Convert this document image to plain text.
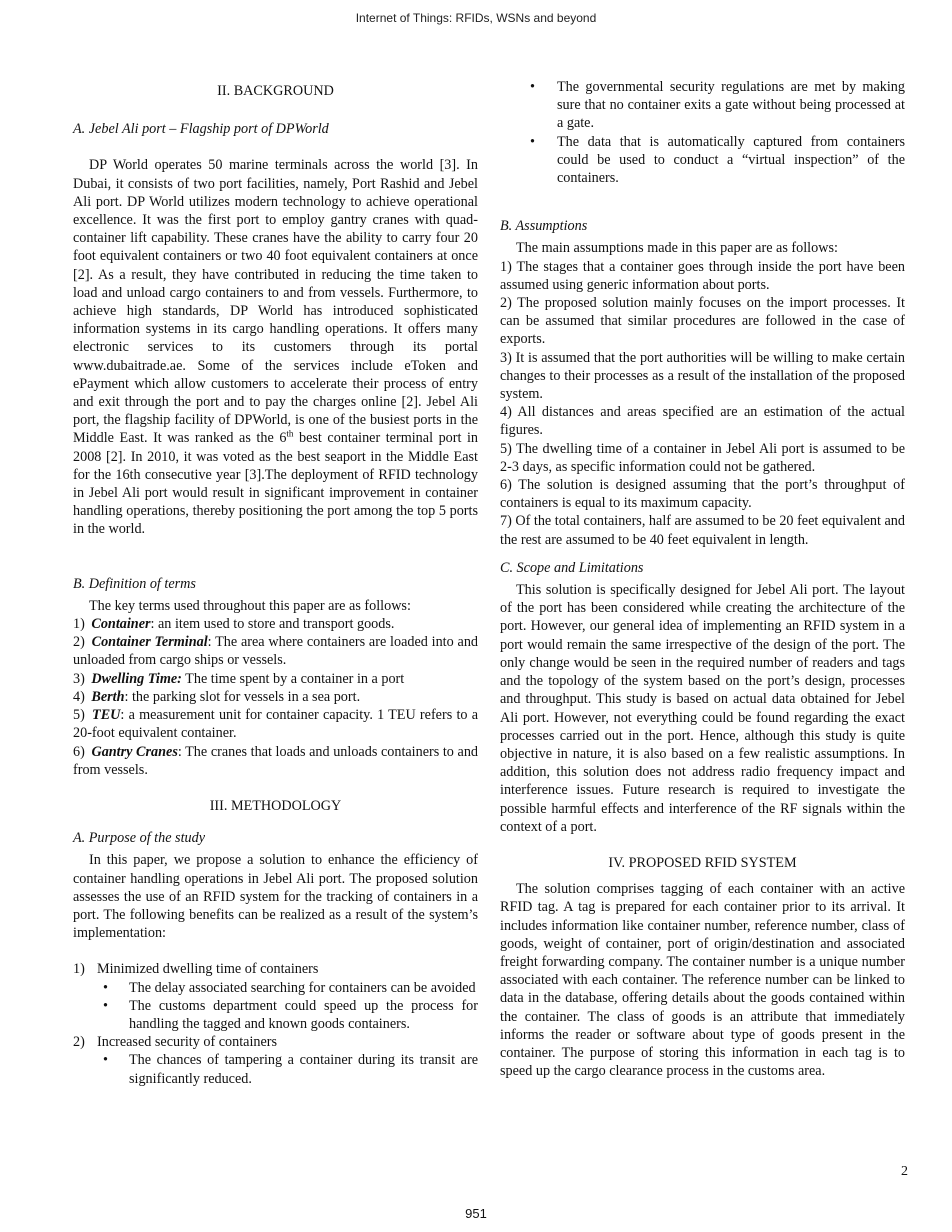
Internet of Things: RFIDs, WSNs and beyond

II. BACKGROUND

A. Jebel Ali port – Flagship port of DPWorld

DP World operates 50 marine terminals across the world [3]. In Dubai, it consists of two port facilities, namely, Port Rashid and Jebel Ali port. DP World utilizes modern technology to achieve operational excellence. It was the first port to employ gantry cranes with quad-container lift capability. These cranes have the ability to carry four 20 foot equivalent containers or two 40 foot equivalent containers at once [2]. As a result, they have contributed in reducing the time taken to load and unload cargo containers to and from vessels. Furthermore, to achieve high standards, DP World has introduced sophisticated information systems in its cargo handling operations. It offers many electronic services to its customers through its portal www.dubaitrade.ae. Some of the services include eToken and ePayment which allow customers to accelerate their process of entry and exit through the port and to pay the charges online [2]. Jebel Ali port, the flagship facility of DPWorld, is one of the busiest ports in the Middle East. It was ranked as the 6th best container terminal port in 2008 [2]. In 2010, it was voted as the best seaport in the Middle East for the 16th consecutive year [3].The deployment of RFID technology in Jebel Ali port would result in significant improvement in container handling operations, thereby positioning the port among the top 5 ports in the world.

B. Definition of terms

The key terms used throughout this paper are as follows:

1) Container: an item used to store and transport goods.

2) Container Terminal: The area where containers are loaded into and unloaded from cargo ships or vessels.

3) Dwelling Time: The time spent by a container in a port

4) Berth: the parking slot for vessels in a sea port.

5) TEU: a measurement unit for container capacity. 1 TEU refers to a 20-foot equivalent container.

6) Gantry Cranes: The cranes that loads and unloads containers to and from vessels.

III. METHODOLOGY

A. Purpose of the study

In this paper, we propose a solution to enhance the efficiency of container handling operations in Jebel Ali port. The proposed solution assesses the use of an RFID system for the tracking of containers in a port. The following benefits can be realized as a result of the system’s implementation:

1) Minimized dwelling time of containers

• The delay associated searching for containers can be avoided
• The customs department could speed up the process for handling the tagged and known goods containers.

2) Increased security of containers

• The chances of tampering a container during its transit are significantly reduced.
• The governmental security regulations are met by making sure that no container exits a gate without being processed at a gate.
• The data that is automatically captured from containers could be used to conduct a “virtual inspection” of the containers.

B. Assumptions

The main assumptions made in this paper are as follows:

1) The stages that a container goes through inside the port have been assumed using generic information about ports.

2) The proposed solution mainly focuses on the import processes. It can be assumed that similar procedures are followed in the case of exports.

3) It is assumed that the port authorities will be willing to make certain changes to their processes as a result of the installation of the proposed system.

4) All distances and areas specified are an estimation of the actual figures.

5) The dwelling time of a container in Jebel Ali port is assumed to be 2-3 days, as specific information could not be gathered.

6) The solution is designed assuming that the port’s throughput of containers is equal to its maximum capacity.

7) Of the total containers, half are assumed to be 20 feet equivalent and the rest are assumed to be 40 feet equivalent in length.

C. Scope and Limitations

This solution is specifically designed for Jebel Ali port. The layout of the port has been considered while creating the architecture of the port. However, our general idea of implementing an RFID system in a port would remain the same irrespective of the design of the port. The only change would be seen in the required number of readers and tags and the topology of the system based on the port’s design, processes and throughput. This study is based on actual data obtained for Jebel Ali port. However, not everything could be found regarding the exact processes carried out in the port. Hence, although this study is quite objective in nature, it is also based on a few realistic assumptions. In addition, this solution does not address radio frequency impact and interference issues. Future research is required to investigate the possible harmful effects and interference of the RF signals within the context of a port.

IV. PROPOSED RFID SYSTEM

The solution comprises tagging of each container with an active RFID tag. A tag is prepared for each container prior to its arrival. It includes information like container number, reference number, class of goods, weight of container, port of origin/destination and associated freight forwarding company. The container number is a unique number associated with each container. The reference number can be linked to data in the database, offering details about the goods contained within the container. The class of goods is an attribute that immediately informs the reader or software about type of goods present in the container. The purpose of storing this information in each tag is to speed up the cargo clearance process in the customs area.

2
951
